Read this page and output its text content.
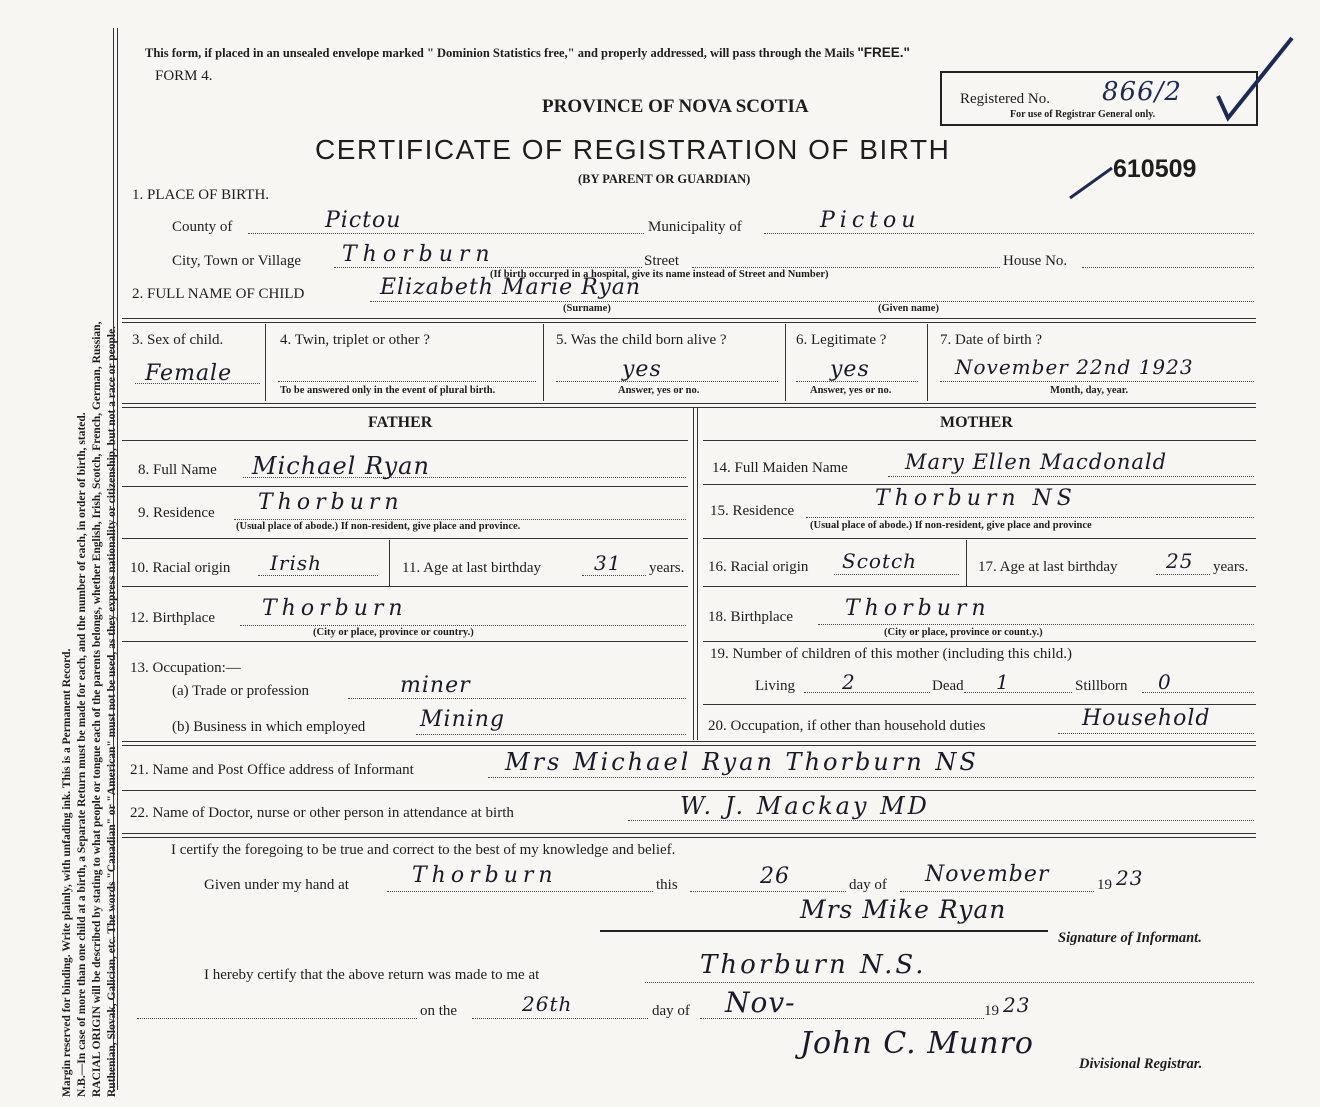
Margin reserved for binding. Write plainly, with unfading ink. This is a Permanent Record. N.B.—In case of more than one child at a birth, a Separate Return must be made for each, and the number of each, in order of birth, stated. RACIAL ORIGIN will be described by stating to what people or tongue each of the parents belongs, whether English, Irish, Scotch, French, German, Russian, Ruthenian, Slovak, Galician, etc. The words "Canadian" or "American" must not be used, as they express nationality or citizenship, but not a race or people.
This form, if placed in an unsealed envelope marked " Dominion Statistics free," and properly addressed, will pass through the Mails "FREE."
FORM 4.
PROVINCE OF NOVA SCOTIA
CERTIFICATE OF REGISTRATION OF BIRTH
(BY PARENT OR GUARDIAN)	610509
Registered No. 866/2
For use of Registrar General only.
1. PLACE OF BIRTH.
County of	Pictou	Municipality of	Pictou
City, Town or Village Thorburn	Street	House No.
(If birth occurred in a hospital, give its name instead of Street and Number)
2. FULL NAME OF CHILD	Elizabeth Marie Ryan
(Surname)	(Given name)
3. Sex of child.
Female
4. Twin, triplet or other ?
To be answered only in the event of plural birth.
5. Was the child born alive ?
yes
Answer, yes or no.
6. Legitimate ?
yes
Answer, yes or no.
7. Date of birth ?
November 22nd 1923
Month, day, year.
FATHER	MOTHER
8. Full Name Michael Ryan	14. Full Maiden Name	Mary Ellen Macdonald
9. Residence Thorburn
(Usual place of abode.) If non-resident, give place and province.
15. Residence	Thorburn NS
(Usual place of abode.) If non-resident, give place and province
10. Racial origin Irish	11. Age at last birthday	31 years. 16. Racial origin Scotch	17. Age at last birthday 25 years.
12. Birthplace Thorburn
(City or place, province or country.)
18. Birthplace Thorburn
(City or place, province or count.y.)
13. Occupation:—
(a) Trade or profession	miner
19. Number of children of this mother (including this child.)
Living 2	Dead 1	Stillborn 0
(b) Business in which employed Mining	20. Occupation, if other than household duties	Household
21. Name and Post Office address of Informant	Mrs Michael Ryan Thorburn NS
22. Name of Doctor, nurse or other person in attendance at birth	W. J. Mackay MD
I certify the foregoing to be true and correct to the best of my knowledge and belief.
Given under my hand at	Thorburn	this	26	day of November	19 23
Mrs Mike Ryan
Signature of Informant.
I hereby certify that the above return was made to me at	Thorburn N.S.
on the	26th	day of Nov-	19 23
John C. Munro
Divisional Registrar.
